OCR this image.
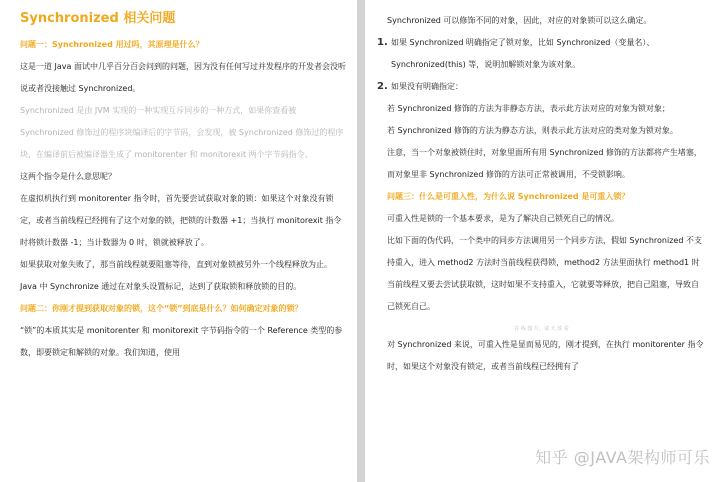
Synchronized 相关问题

问题一：Synchronized 用过吗，其原理是什么？

这是一道 Java 面试中几乎百分百会问到的问题，因为没有任何写过并发程序的开发者会没听说或者没接触过 Synchronized。

Synchronized 是由 JVM 实现的一种实现互斥同步的一种方式，如果你查看被 Synchronized 修饰过的程序块编译后的字节码，会发现，被 Synchronized 修饰过的程序块，在编译前后被编译器生成了 monitorenter 和 monitorexit 两个字节码指令。

这两个指令是什么意思呢？

在虚拟机执行到 monitorenter 指令时，首先要尝试获取对象的锁：如果这个对象没有锁定，或者当前线程已经拥有了这个对象的锁，把锁的计数器 +1；当执行 monitorexit 指令时将锁计数器 -1；当计数器为 0 时，锁就被释放了。

如果获取对象失败了，那当前线程就要阻塞等待，直到对象锁被另外一个线程释放为止。

Java 中 Synchronize 通过在对象头设置标记，达到了获取锁和释放锁的目的。

问题二：你刚才提到获取对象的锁，这个“锁”到底是什么？如何确定对象的锁？

“锁”的本质其实是 monitorenter 和 monitorexit 字节码指令的一个 Reference 类型的参数，即要锁定和解锁的对象。我们知道，使用

Synchronized 可以修饰不同的对象，因此，对应的对象锁可以这么确定。

1. 如果 Synchronized 明确指定了锁对象，比如 Synchronized（变量名）、Synchronized(this) 等，说明加解锁对象为该对象。
2. 如果没有明确指定：

若 Synchronized 修饰的方法为非静态方法，表示此方法对应的对象为锁对象；

若 Synchronized 修饰的方法为静态方法，则表示此方法对应的类对象为锁对象。

注意，当一个对象被锁住时，对象里面所有用 Synchronized 修饰的方法都将产生堵塞，而对象里非 Synchronized 修饰的方法可正常被调用，不受锁影响。

问题三：什么是可重入性，为什么说 Synchronized 是可重入锁？

可重入性是锁的一个基本要求，是为了解决自己锁死自己的情况。

比如下面的伪代码，一个类中的同步方法调用另一个同步方法，假如 Synchronized 不支持重入，进入 method2 方法时当前线程获得锁，method2 方法里面执行 method1 时当前线程又要去尝试获取锁，这时如果不支持重入，它就要等释放，把自己阻塞，导致自己锁死自己。

在 线 图 片，请 大 放 看

对 Synchronized 来说，可重入性是显而易见的，刚才提到，在执行 monitorenter 指令时，如果这个对象没有锁定，或者当前线程已经拥有了

知乎 @JAVA架构师可乐
